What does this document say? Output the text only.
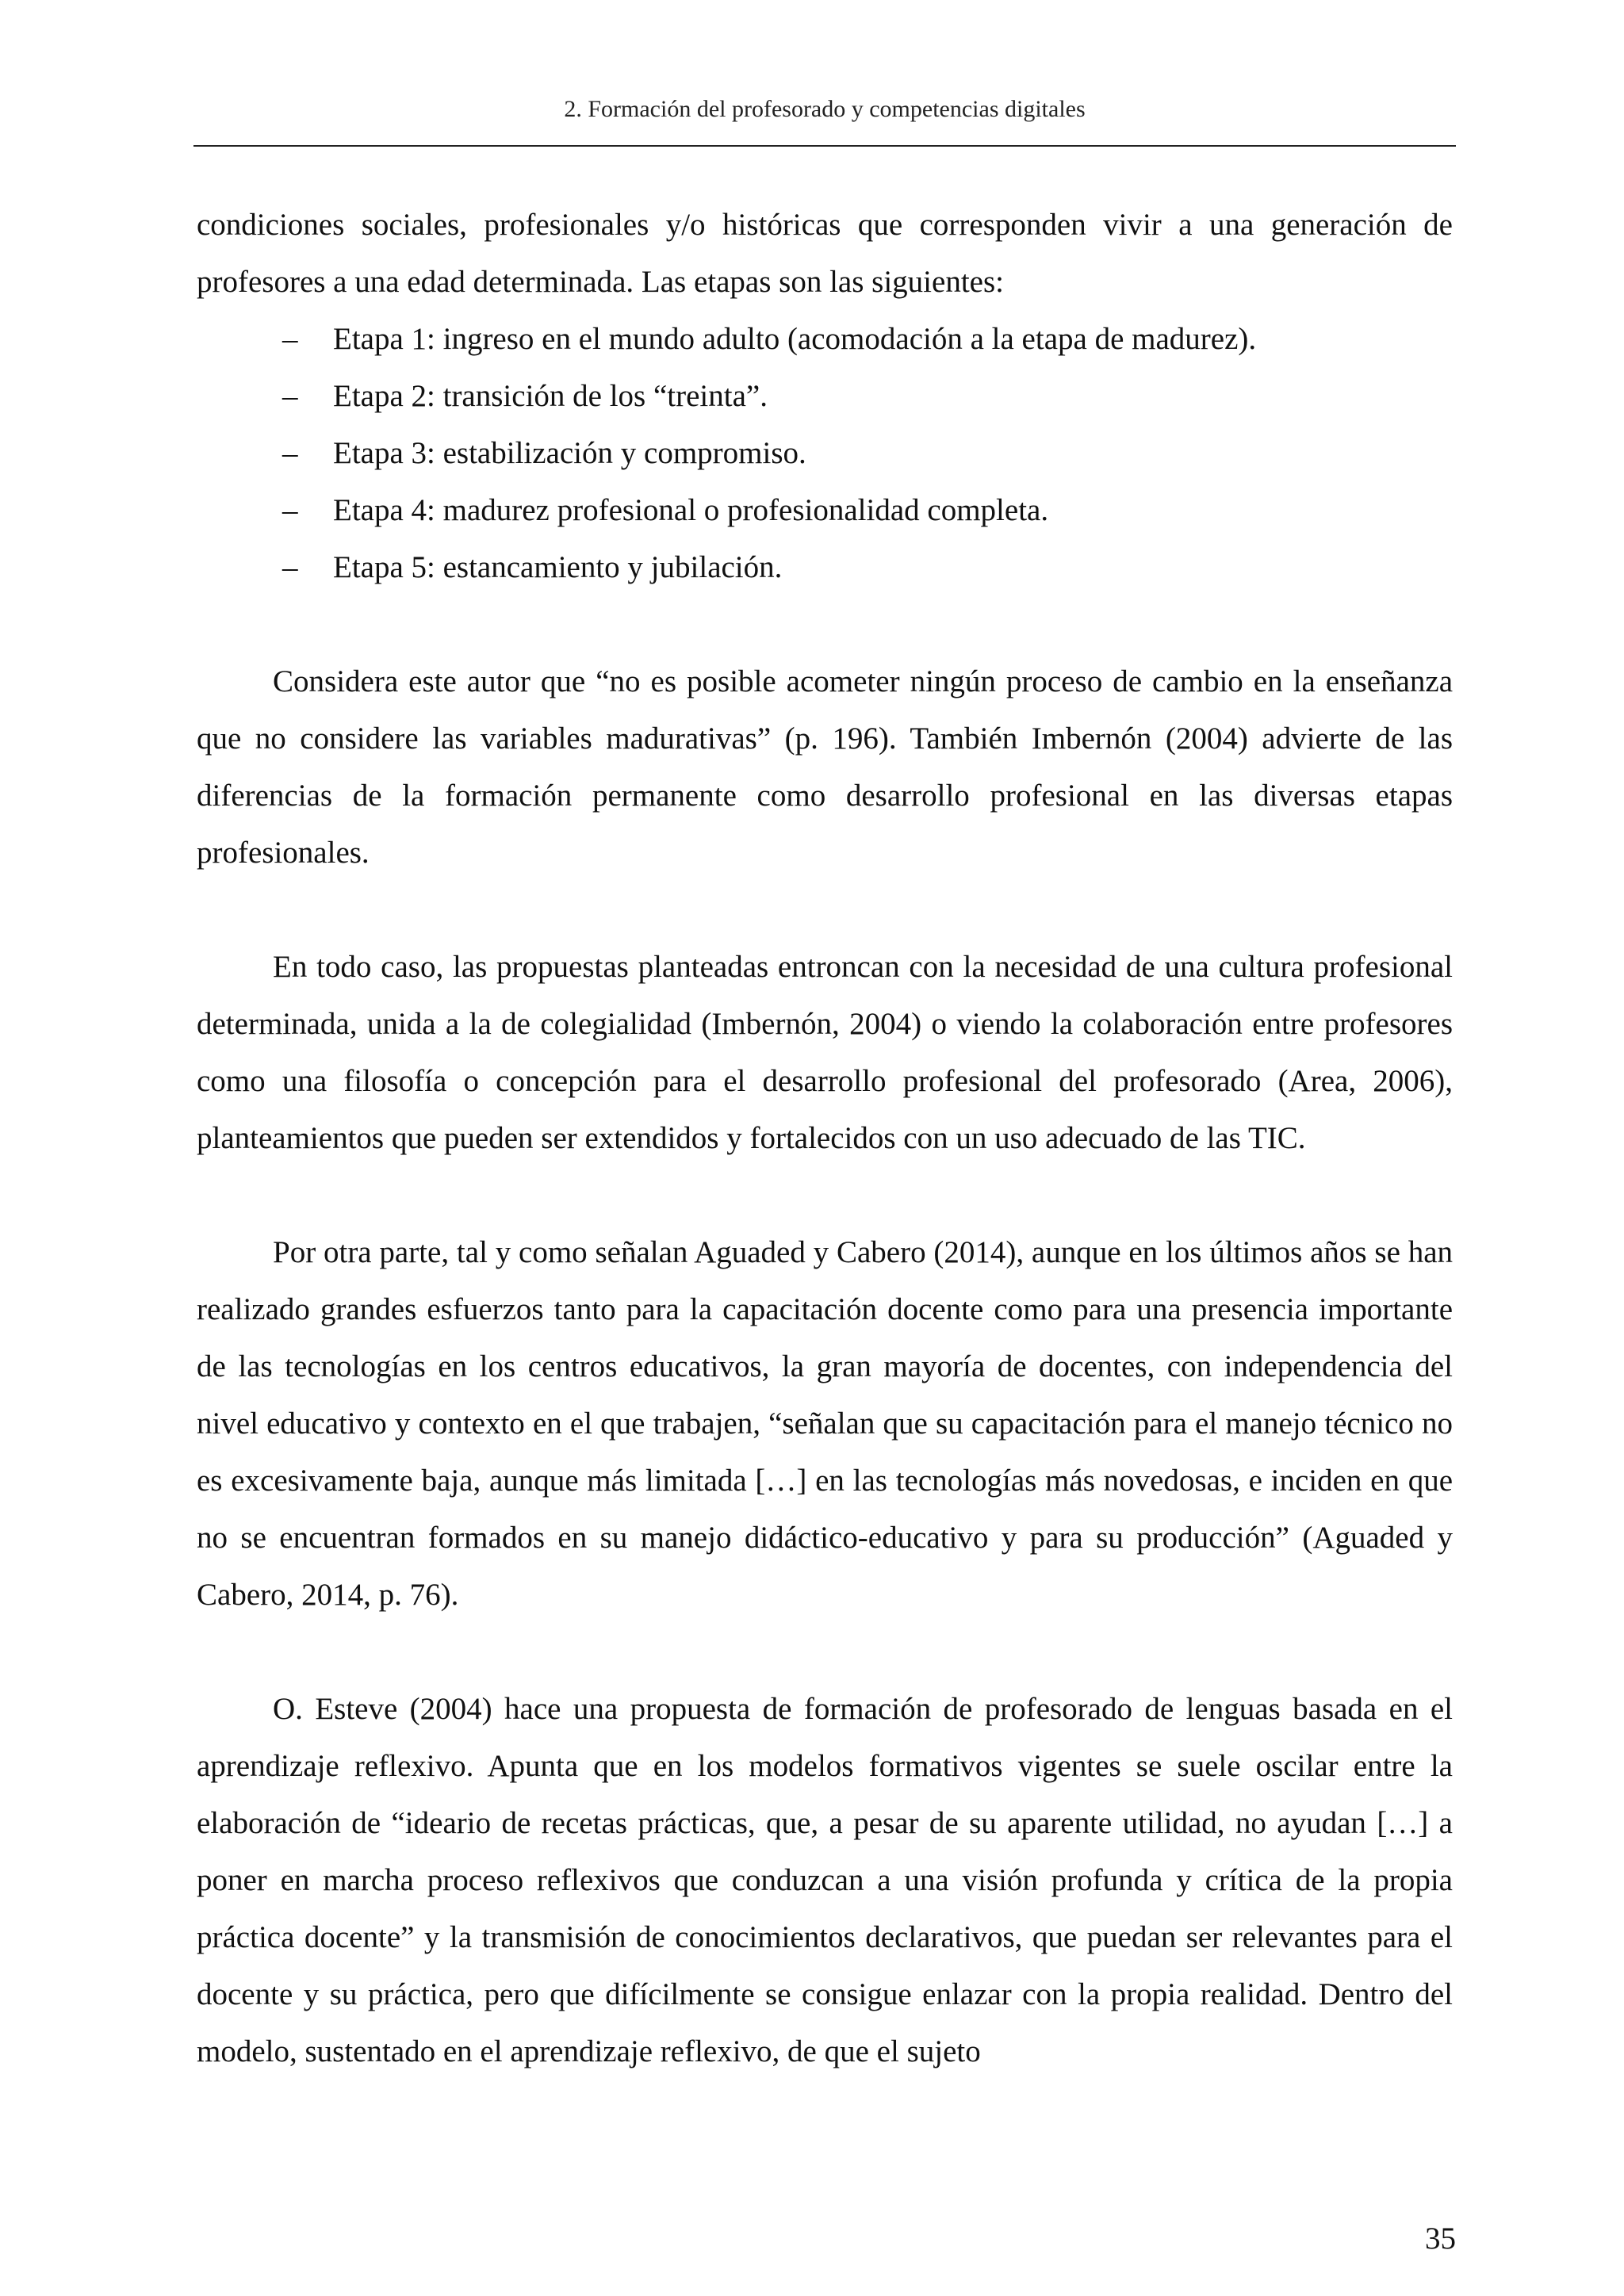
2. Formación del profesorado y competencias digitales

condiciones sociales, profesionales y/o históricas que corresponden vivir a una generación de profesores a una edad determinada. Las etapas son las siguientes:

– Etapa 1: ingreso en el mundo adulto (acomodación a la etapa de madurez).
– Etapa 2: transición de los “treinta”.
– Etapa 3: estabilización y compromiso.
– Etapa 4: madurez profesional o profesionalidad completa.
– Etapa 5: estancamiento y jubilación.

Considera este autor que “no es posible acometer ningún proceso de cambio en la enseñanza que no considere las variables madurativas” (p. 196). También Imbernón (2004) advierte de las diferencias de la formación permanente como desarrollo profesional en las diversas etapas profesionales.

En todo caso, las propuestas planteadas entroncan con la necesidad de una cultura profesional determinada, unida a la de colegialidad (Imbernón, 2004) o viendo la colaboración entre profesores como una filosofía o concepción para el desarrollo profesional del profesorado (Area, 2006), planteamientos que pueden ser extendidos y fortalecidos con un uso adecuado de las TIC.

Por otra parte, tal y como señalan Aguaded y Cabero (2014), aunque en los últimos años se han realizado grandes esfuerzos tanto para la capacitación docente como para una presencia importante de las tecnologías en los centros educativos, la gran mayoría de docentes, con independencia del nivel educativo y contexto en el que trabajen, “señalan que su capacitación para el manejo técnico no es excesivamente baja, aunque más limitada […] en las tecnologías más novedosas, e inciden en que no se encuentran formados en su manejo didáctico-educativo y para su producción” (Aguaded y Cabero, 2014, p. 76).

O. Esteve (2004) hace una propuesta de formación de profesorado de lenguas basada en el aprendizaje reflexivo. Apunta que en los modelos formativos vigentes se suele oscilar entre la elaboración de “ideario de recetas prácticas, que, a pesar de su aparente utilidad, no ayudan […] a poner en marcha proceso reflexivos que conduzcan a una visión profunda y crítica de la propia práctica docente” y la transmisión de conocimientos declarativos, que puedan ser relevantes para el docente y su práctica, pero que difícilmente se consigue enlazar con la propia realidad. Dentro del modelo, sustentado en el aprendizaje reflexivo, de que el sujeto

35
